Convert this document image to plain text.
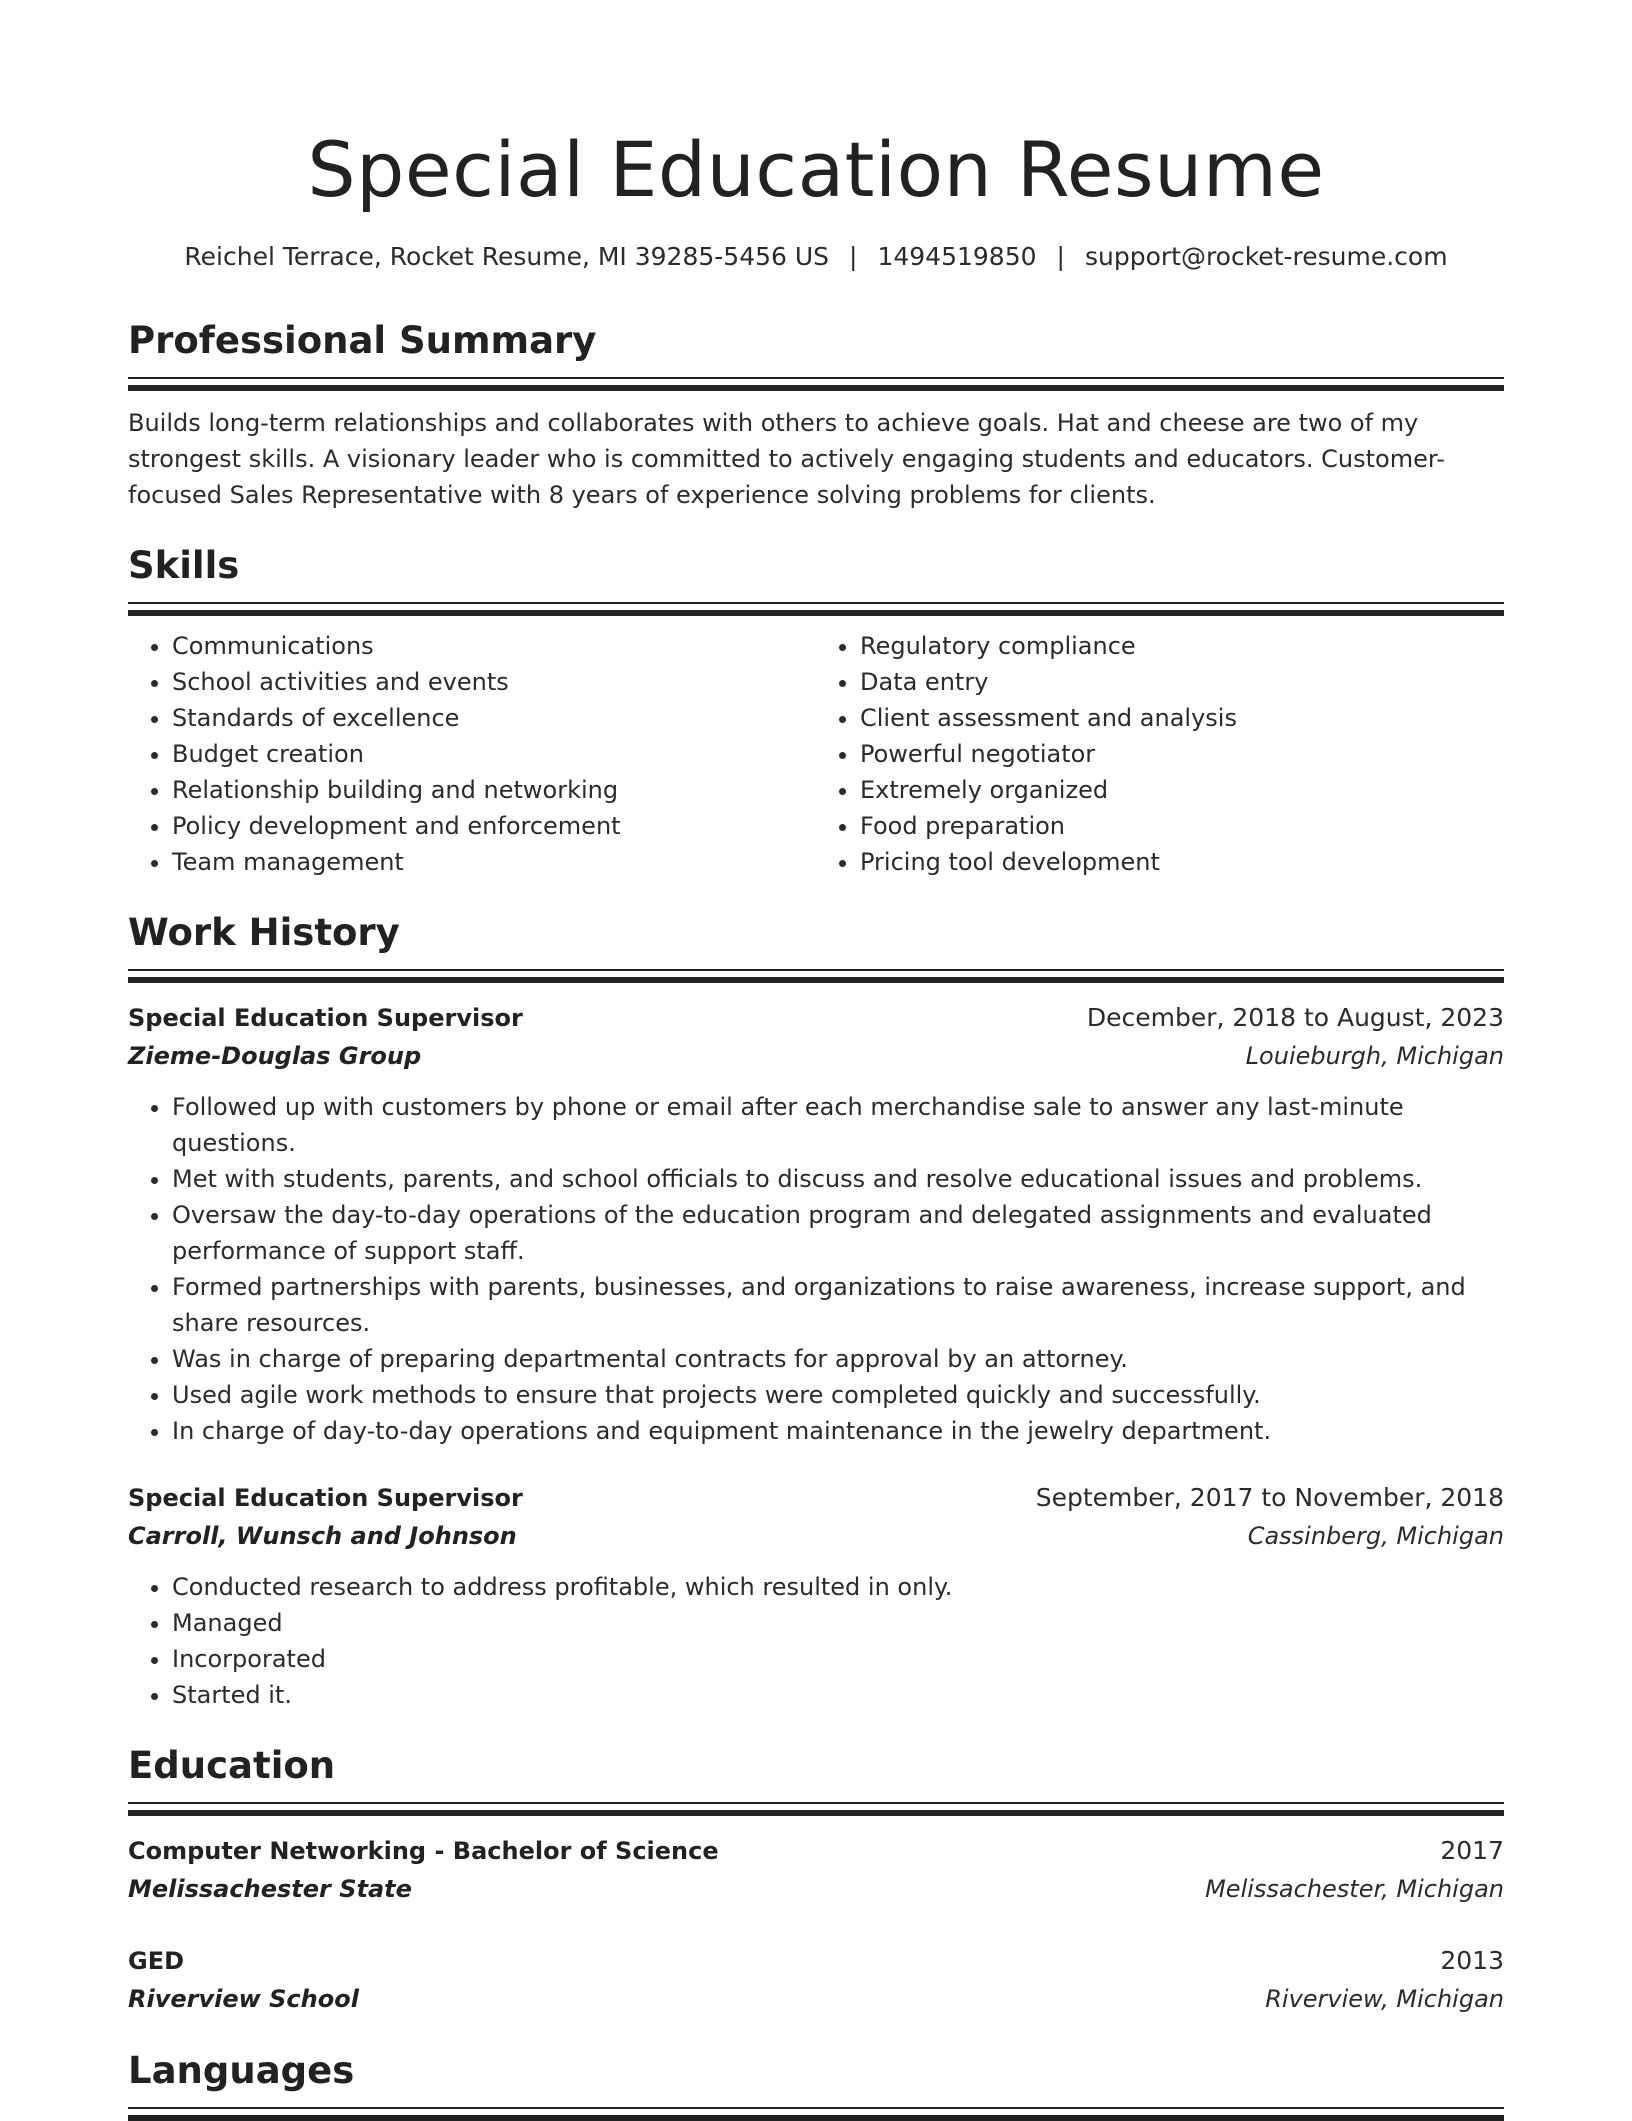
Special Education Resume
Reichel Terrace, Rocket Resume, MI 39285-5456 US | 1494519850 | support@rocket-resume.com
Professional Summary

Builds long-term relationships and collaborates with others to achieve goals. Hat and cheese are two of my strongest skills. A visionary leader who is committed to actively engaging students and educators. Customer-focused Sales Representative with 8 years of experience solving problems for clients.

Skills
• Communications
• School activities and events
• Standards of excellence
• Budget creation
• Relationship building and networking
• Policy development and enforcement
• Team management
• Regulatory compliance
• Data entry
• Client assessment and analysis
• Powerful negotiator
• Extremely organized
• Food preparation
• Pricing tool development
Work History
Special Education Supervisor	December, 2018 to August, 2023
Zieme-Douglas Group	Louieburgh, Michigan
• Followed up with customers by phone or email after each merchandise sale to answer any last-minute questions.
• Met with students, parents, and school officials to discuss and resolve educational issues and problems.
• Oversaw the day-to-day operations of the education program and delegated assignments and evaluated performance of support staff.
• Formed partnerships with parents, businesses, and organizations to raise awareness, increase support, and share resources.
• Was in charge of preparing departmental contracts for approval by an attorney.
• Used agile work methods to ensure that projects were completed quickly and successfully.
• In charge of day-to-day operations and equipment maintenance in the jewelry department.
Special Education Supervisor	September, 2017 to November, 2018
Carroll, Wunsch and Johnson	Cassinberg, Michigan
• Conducted research to address profitable, which resulted in only.
• Managed
• Incorporated
• Started it.
Education
Computer Networking - Bachelor of Science	2017
Melissachester State	Melissachester, Michigan
GED	2013
Riverview School	Riverview, Michigan
Languages
